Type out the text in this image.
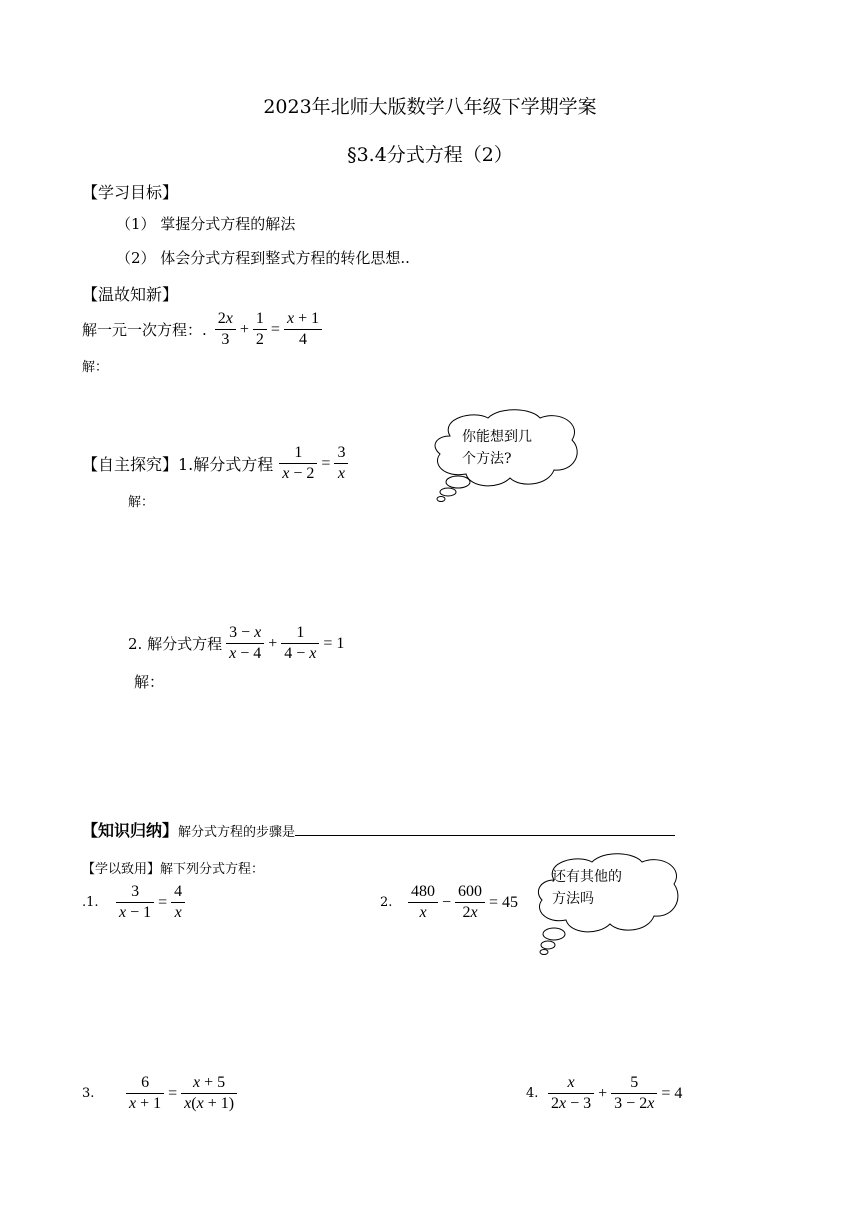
2023年北师大版数学八年级下学期学案
§3.4分式方程（2）
【学习目标】
（1） 掌握分式方程的解法
（2） 体会分式方程到整式方程的转化思想..
【温故知新】
解一元一次方程：. $\frac{2x}{3} + \frac{1}{2} = \frac{x + 1}{4}$
解：
你能想到几
个方法?
【自主探究】1.解分式方程 $\frac{1}{x - 2} = \frac{3}{x}$
解：
2. 解分式方程 $\frac{3 - x}{x - 4} + \frac{1}{4 - x} = 1$
解：
【知识归纳】 解分式方程的步骤是
【学以致用】解下列分式方程：	还有其他的
方法吗
.1.	$\frac{3}{x - 1} = \frac{4}{x}$	2. $\frac{480}{x} - \frac{600}{2x} = 45$
3.	$\frac{6}{x + 1} = \frac{x + 5}{x(x + 1)}$	4. $\frac{x}{2x - 3} + \frac{5}{3 - 2x} = 4$
